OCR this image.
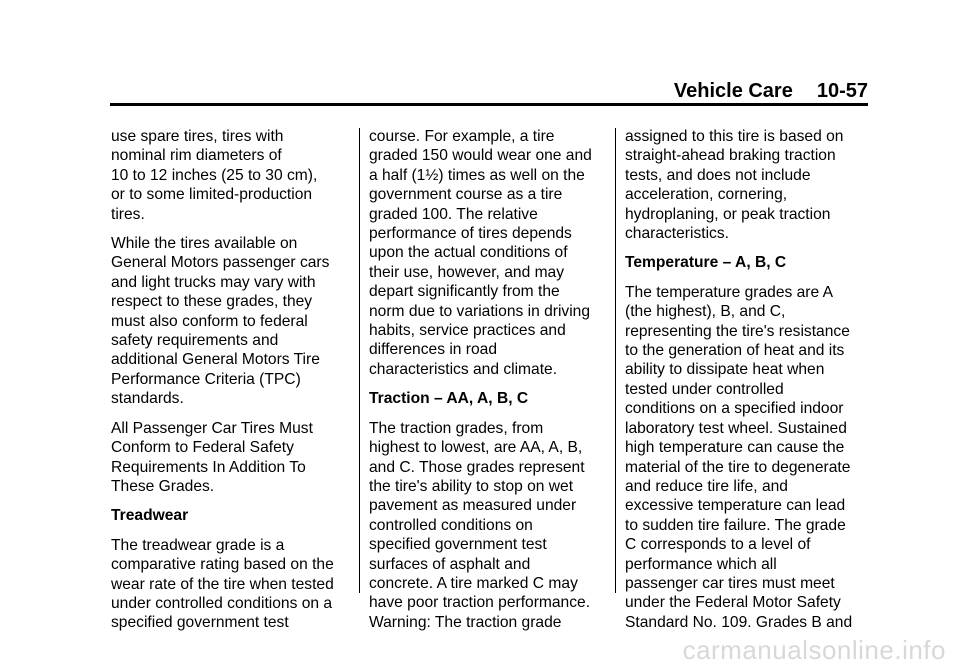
Vehicle Care 10-57

use spare tires, tires with
nominal rim diameters of
10 to 12 inches (25 to 30 cm),
or to some limited-production
tires.

While the tires available on
General Motors passenger cars
and light trucks may vary with
respect to these grades, they
must also conform to federal
safety requirements and
additional General Motors Tire
Performance Criteria (TPC)
standards.

All Passenger Car Tires Must
Conform to Federal Safety
Requirements In Addition To
These Grades.

Treadwear

The treadwear grade is a
comparative rating based on the
wear rate of the tire when tested
under controlled conditions on a
specified government test

course. For example, a tire
graded 150 would wear one and
a half (1½) times as well on the
government course as a tire
graded 100. The relative
performance of tires depends
upon the actual conditions of
their use, however, and may
depart significantly from the
norm due to variations in driving
habits, service practices and
differences in road
characteristics and climate.

Traction – AA, A, B, C

The traction grades, from
highest to lowest, are AA, A, B,
and C. Those grades represent
the tire's ability to stop on wet
pavement as measured under
controlled conditions on
specified government test
surfaces of asphalt and
concrete. A tire marked C may
have poor traction performance.
Warning: The traction grade

assigned to this tire is based on
straight-ahead braking traction
tests, and does not include
acceleration, cornering,
hydroplaning, or peak traction
characteristics.

Temperature – A, B, C

The temperature grades are A
(the highest), B, and C,
representing the tire's resistance
to the generation of heat and its
ability to dissipate heat when
tested under controlled
conditions on a specified indoor
laboratory test wheel. Sustained
high temperature can cause the
material of the tire to degenerate
and reduce tire life, and
excessive temperature can lead
to sudden tire failure. The grade
C corresponds to a level of
performance which all
passenger car tires must meet
under the Federal Motor Safety
Standard No. 109. Grades B and

carmanualsonline.info
